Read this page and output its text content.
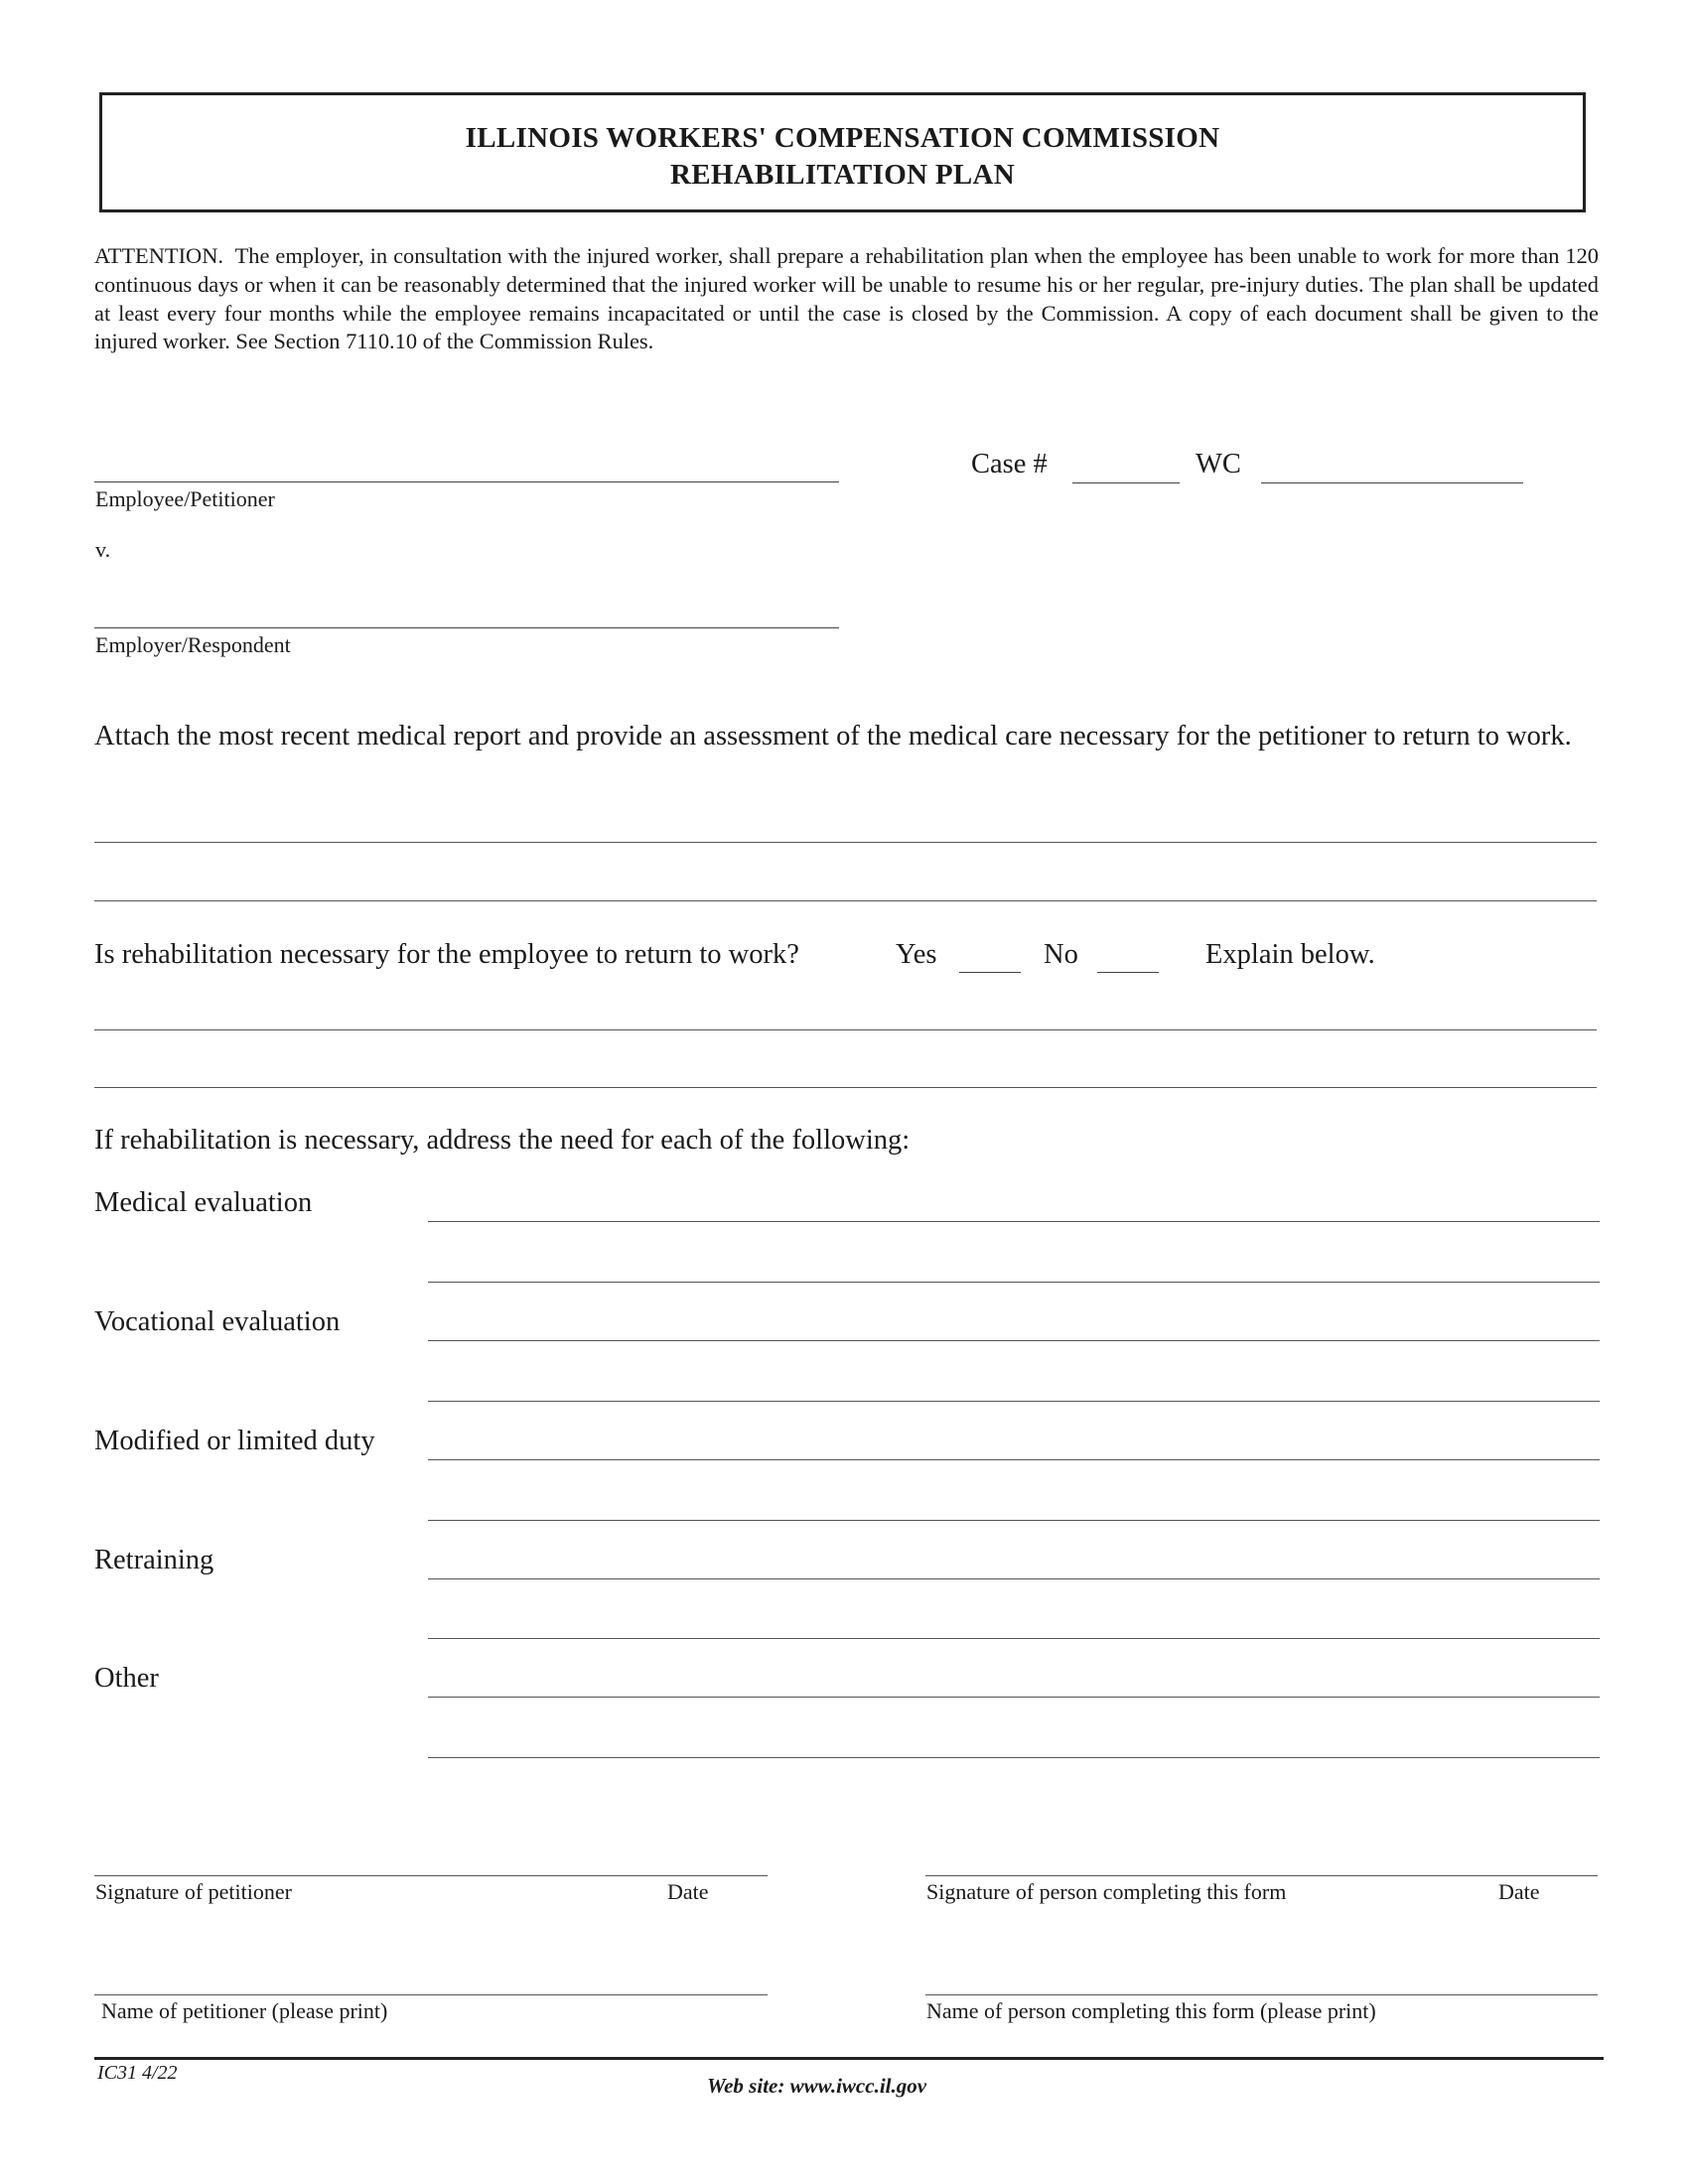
ILLINOIS WORKERS' COMPENSATION COMMISSION
REHABILITATION PLAN
ATTENTION. The employer, in consultation with the injured worker, shall prepare a rehabilitation plan when the employee has been unable to work for more than 120 continuous days or when it can be reasonably determined that the injured worker will be unable to resume his or her regular, pre-injury duties. The plan shall be updated at least every four months while the employee remains incapacitated or until the case is closed by the Commission. A copy of each document shall be given to the injured worker. See Section 7110.10 of the Commission Rules.
Employee/Petitioner
Case #	WC
v.
Employer/Respondent
Attach the most recent medical report and provide an assessment of the medical care necessary for the petitioner to return to work.
Is rehabilitation necessary for the employee to return to work?	Yes	No	Explain below.
If rehabilitation is necessary, address the need for each of the following:
Medical evaluation
Vocational evaluation
Modified or limited duty
Retraining
Other
Signature of petitioner	Date	Signature of person completing this form	Date
Name of petitioner (please print)	Name of person completing this form (please print)
IC31 4/22
Web site: www.iwcc.il.gov
